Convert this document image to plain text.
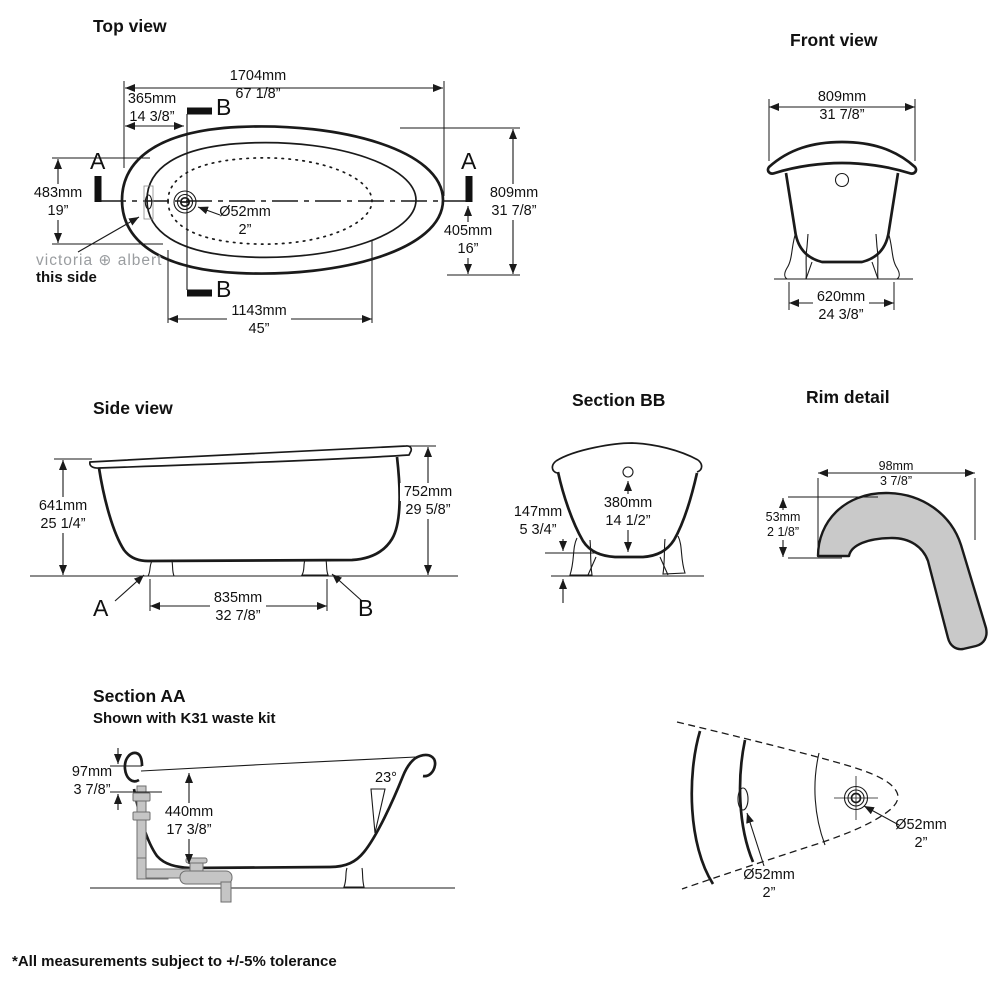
Top view
1704mm
67 1/8”
365mm
14 3/8” B
B
A	A
483mm
19”
809mm
31 7/8”
405mm
16”
1143mm
45”
Ø52mm
2”
victoria ⊕ albert
this side
Front view
809mm
31 7/8”
620mm
24 3/8”
Side view
641mm
25 1/4”
752mm
29 5/8”
835mm
32 7/8”
A	B
Section BB
380mm
14 1/2”
147mm
5 3/4”
Rim detail
98mm
3 7/8”
53mm
2 1/8”
Section AA
Shown with K31 waste kit
97mm
3 7/8”
440mm
17 3/8”
23°
Ø52mm
2”
Ø52mm
2”
*All measurements subject to +/-5% tolerance
